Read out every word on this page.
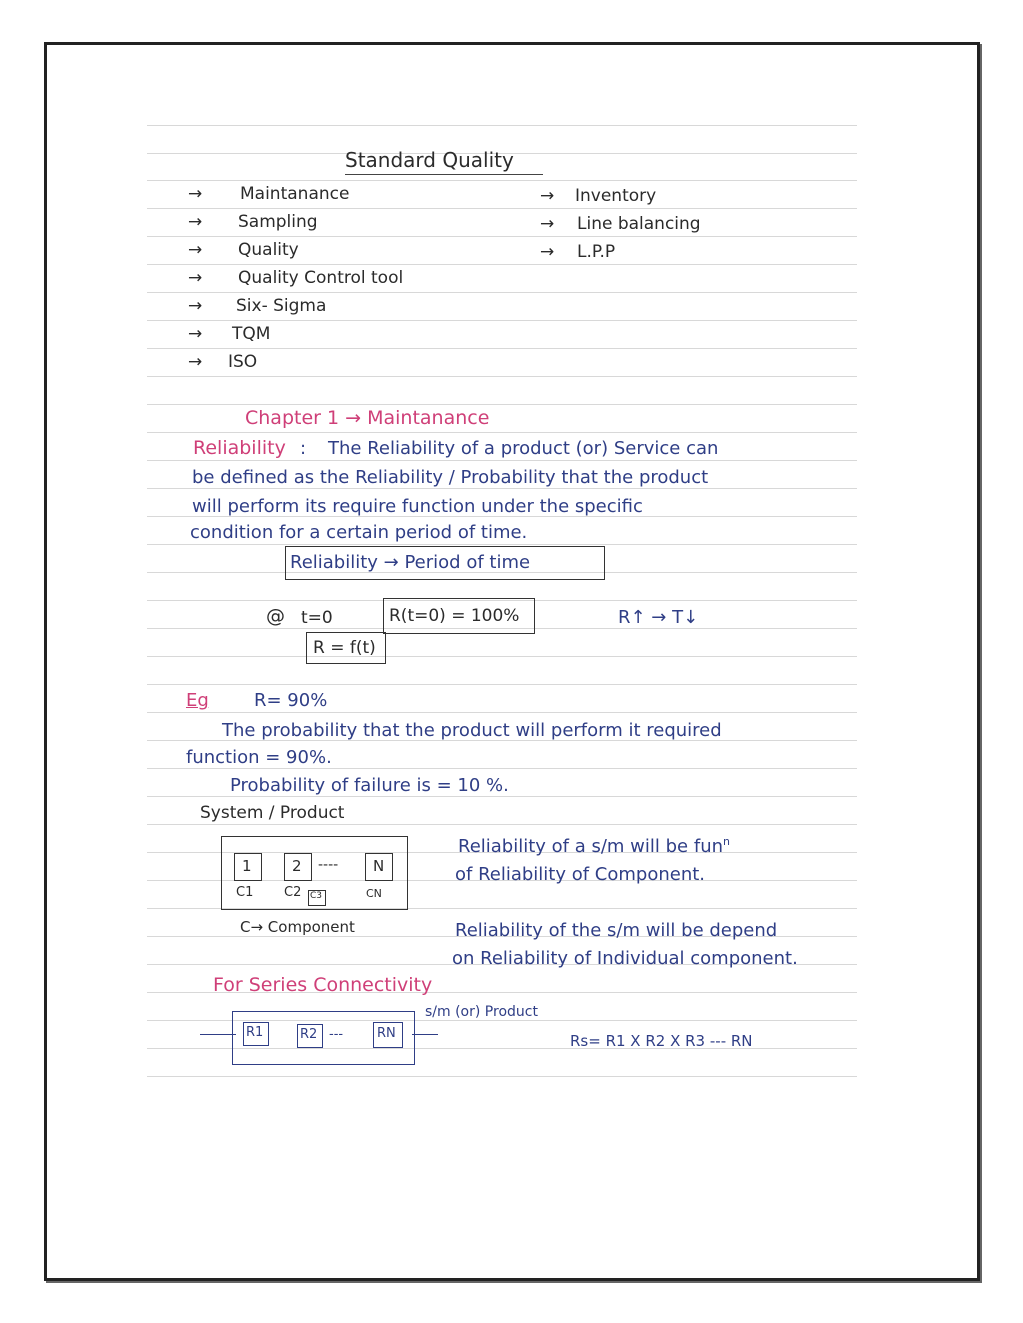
Standard Quality
→ Maintanance
→ Sampling
→ Quality
→ Quality Control tool
→ Six- Sigma
→ TQM
→ ISO
→ Inventory
→ Line balancing
→ L.P.P
Chapter 1 → Maintanance
Reliability : The Reliability of a product (or) Service can
be defined as the Reliability / Probability that the product
will perform its require function under the specific
condition for a certain period of time.
Reliability → Period of time
@ t=0	R(t=0) = 100%
R = f(t)
R↑ → T↓
Eg	R= 90%
The probability that the product will perform it required
function = 90%.
Probability of failure is = 10 %.
System / Product
1	2 ---- N
C1 C2 C3	CN
C→ Component
Reliability of a s/m will be fun$^n$
of Reliability of Component.
Reliability of the s/m will be depend
on Reliability of Individual component.
For Series Connectivity
s/m (or) Product
R1	R2 ---	RN	Rs= R1 X R2 X R3 --- RN
